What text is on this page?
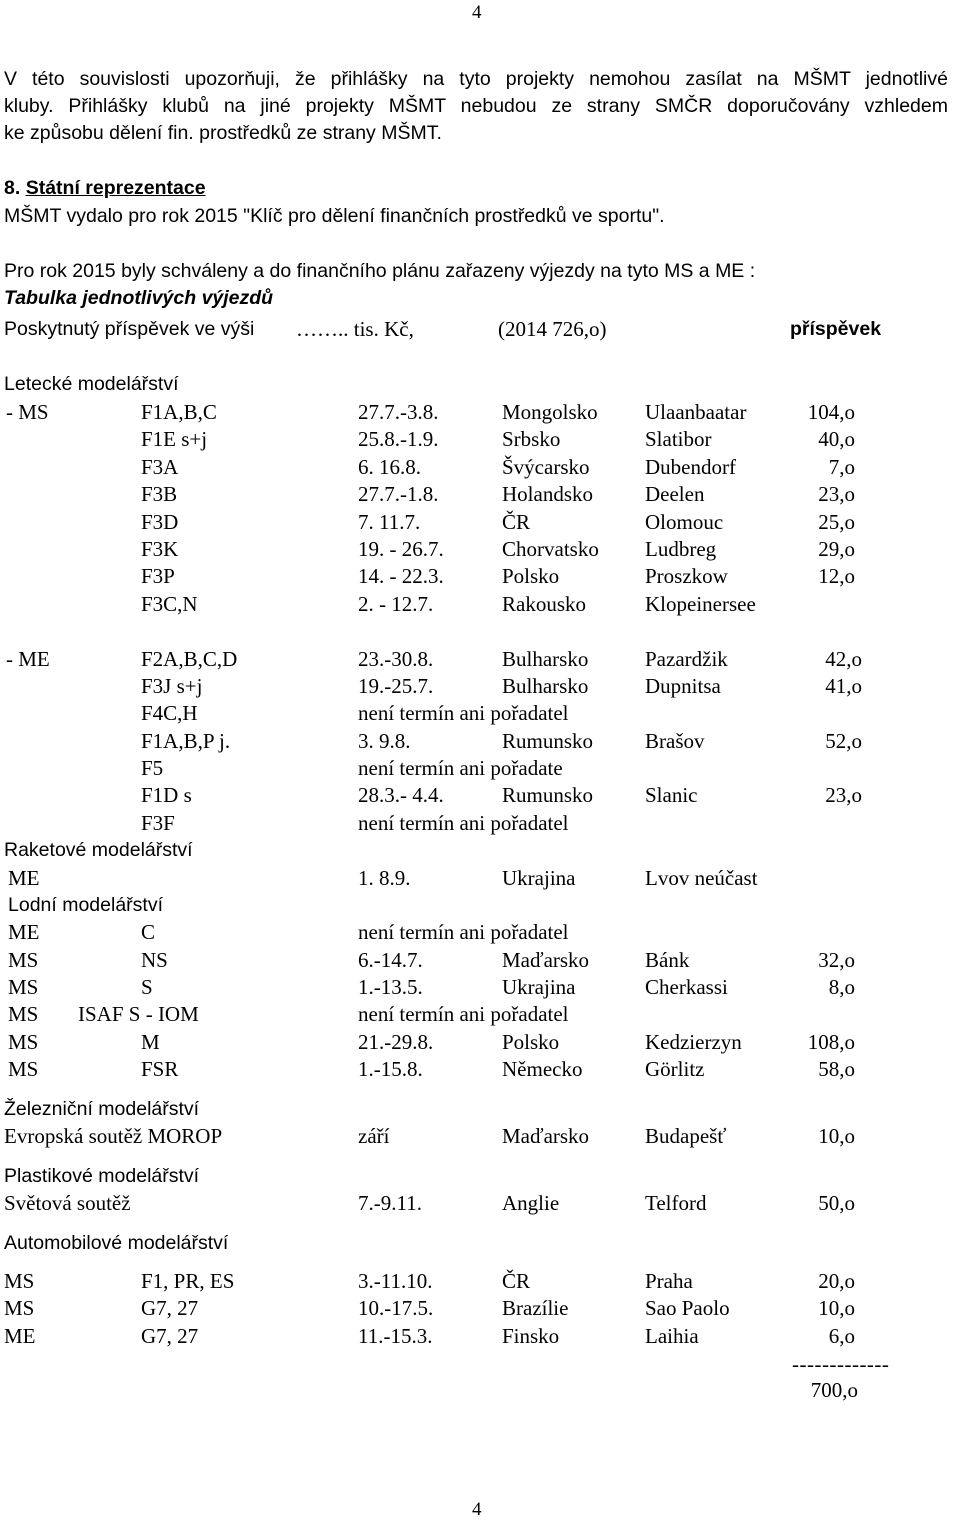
4
V této souvislosti upozorňuji, že přihlášky na tyto projekty nemohou zasílat na MŠMT jednotlivé
kluby. Přihlášky klubů na jiné projekty MŠMT nebudou ze strany SMČR doporučovány vzhledem
ke způsobu dělení fin. prostředků ze strany MŠMT.
8. Státní reprezentace
MŠMT vydalo pro rok 2015 "Klíč pro dělení finančních prostředků ve sportu".
Pro rok 2015 byly schváleny a do finančního plánu zařazeny výjezdy na tyto MS a ME :
Tabulka jednotlivých výjezdů
Poskytnutý příspěvek ve výši …….. tis. Kč,	(2014 726,o)	příspěvek
Letecké modelářství
- MS	F1A,B,C	27.7.-3.8.	Mongolsko Ulaanbaatar	104,o
F1E s+j	25.8.-1.9.	Srbsko	Slatibor	40,o
F3A	6. 16.8.	Švýcarsko	Dubendorf	7,o
F3B	27.7.-1.8.	Holandsko Deelen	23,o
F3D	7. 11.7.	ČR	Olomouc	25,o
F3K	19. - 26.7.	Chorvatsko Ludbreg	29,o
F3P	14. - 22.3.	Polsko	Proszkow	12,o
F3C,N	2. - 12.7.	Rakousko	Klopeinersee
- ME	F2A,B,C,D	23.-30.8.	Bulharsko	Pazardžik	42,o
F3J s+j	19.-25.7.	Bulharsko	Dupnitsa	41,o
F4C,H	není termín ani pořadatel
F1A,B,P j.	3. 9.8.	Rumunsko Brašov	52,o
F5	není termín ani pořadate
F1D s	28.3.- 4.4.	Rumunsko Slanic	23,o
F3F	není termín ani pořadatel
Raketové modelářství
ME	1. 8.9.	Ukrajina	Lvov neúčast
Lodní modelářství
ME	C	není termín ani pořadatel
MS	NS	6.-14.7.	Maďarsko	Bánk	32,o
MS	S	1.-13.5.	Ukrajina	Cherkassi	8,o
MS ISAF S - IOM	není termín ani pořadatel
MS	M	21.-29.8.	Polsko	Kedzierzyn	108,o
MS	FSR	1.-15.8.	Německo	Görlitz	58,o
Železniční modelářství
Evropská soutěž MOROP	září	Maďarsko	Budapešť	10,o
Plastikové modelářství
Světová soutěž	7.-9.11.	Anglie	Telford	50,o
Automobilové modelářství
MS	F1, PR, ES	3.-11.10.	ČR	Praha	20,o
MS	G7, 27	10.-17.5.	Brazílie	Sao Paolo	10,o
ME	G7, 27	11.-15.3.	Finsko	Laihia	6,o
-------------
700,o
4
